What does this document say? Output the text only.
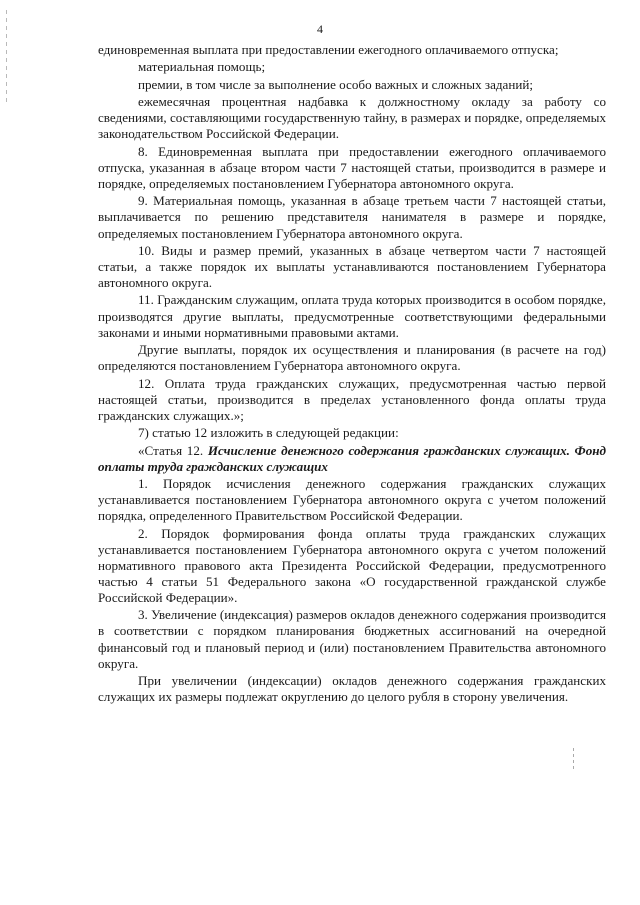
4

единовременная выплата при предоставлении ежегодного оплачиваемого отпуска;

материальная помощь;

премии, в том числе за выполнение особо важных и сложных заданий;

ежемесячная процентная надбавка к должностному окладу за работу со сведениями, составляющими государственную тайну, в размерах и порядке, определяемых законодательством Российской Федерации.

8. Единовременная выплата при предоставлении ежегодного оплачиваемого отпуска, указанная в абзаце втором части 7 настоящей статьи, производится в размере и порядке, определяемых постановлением Губернатора автономного округа.

9. Материальная помощь, указанная в абзаце третьем части 7 настоящей статьи, выплачивается по решению представителя нанимателя в размере и порядке, определяемых постановлением Губернатора автономного округа.

10. Виды и размер премий, указанных в абзаце четвертом части 7 настоящей статьи, а также порядок их выплаты устанавливаются постановлением Губернатора автономного округа.

11. Гражданским служащим, оплата труда которых производится в особом порядке, производятся другие выплаты, предусмотренные соответствующими федеральными законами и иными нормативными правовыми актами.

Другие выплаты, порядок их осуществления и планирования (в расчете на год) определяются постановлением Губернатора автономного округа.

12. Оплата труда гражданских служащих, предусмотренная частью первой настоящей статьи, производится в пределах установленного фонда оплаты труда гражданских служащих.»;

7) статью 12 изложить в следующей редакции:

«Статья 12. Исчисление денежного содержания гражданских служащих. Фонд оплаты труда гражданских служащих

1. Порядок исчисления денежного содержания гражданских служащих устанавливается постановлением Губернатора автономного округа с учетом положений порядка, определенного Правительством Российской Федерации.

2. Порядок формирования фонда оплаты труда гражданских служащих устанавливается постановлением Губернатора автономного округа с учетом положений нормативного правового акта Президента Российской Федерации, предусмотренного частью 4 статьи 51 Федерального закона «О государственной гражданской службе Российской Федерации».

3. Увеличение (индексация) размеров окладов денежного содержания производится в соответствии с порядком планирования бюджетных ассигнований на очередной финансовый год и плановый период и (или) постановлением Правительства автономного округа.

При увеличении (индексации) окладов денежного содержания гражданских служащих их размеры подлежат округлению до целого рубля в сторону увеличения.
